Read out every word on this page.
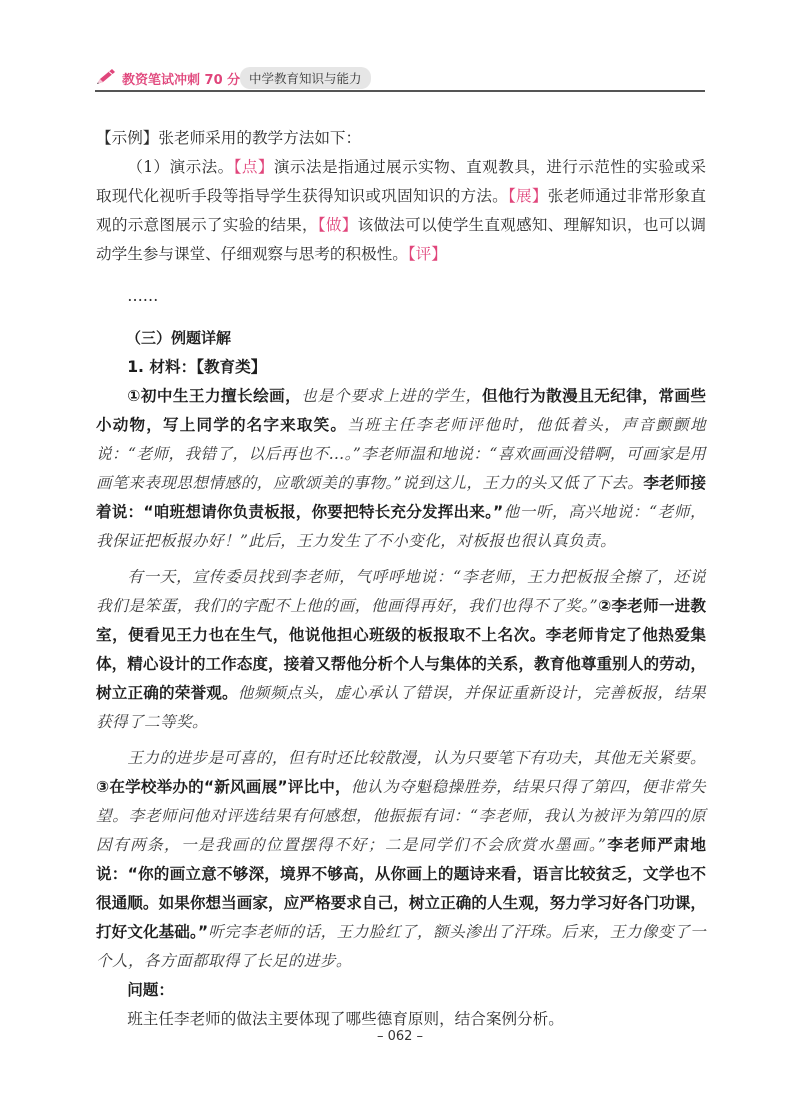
教资笔试冲刺 70 分 中学教育知识与能力

【示例】张老师采用的教学方法如下：

（1）演示法。【点】演示法是指通过展示实物、直观教具，进行示范性的实验或采取现代化视听手段等指导学生获得知识或巩固知识的方法。【展】张老师通过非常形象直观的示意图展示了实验的结果，【做】该做法可以使学生直观感知、理解知识，也可以调动学生参与课堂、仔细观察与思考的积极性。【评】

……

（三）例题详解

1. 材料：【教育类】

①初中生王力擅长绘画，也是个要求上进的学生，但他行为散漫且无纪律，常画些小动物，写上同学的名字来取笑。当班主任李老师评他时，他低着头，声音颤颤地说：“老师，我错了，以后再也不…。”李老师温和地说：“喜欢画画没错啊，可画家是用画笔来表现思想情感的，应歌颂美的事物。”说到这儿，王力的头又低了下去。李老师接着说：“咱班想请你负责板报，你要把特长充分发挥出来。”他一听，高兴地说：“老师，我保证把板报办好！”此后，王力发生了不小变化，对板报也很认真负责。

有一天，宣传委员找到李老师，气呼呼地说：“李老师，王力把板报全擦了，还说我们是笨蛋，我们的字配不上他的画，他画得再好，我们也得不了奖。”②李老师一进教室，便看见王力也在生气，他说他担心班级的板报取不上名次。李老师肯定了他热爱集体，精心设计的工作态度，接着又帮他分析个人与集体的关系，教育他尊重别人的劳动，树立正确的荣誉观。他频频点头，虚心承认了错误，并保证重新设计，完善板报，结果获得了二等奖。

王力的进步是可喜的，但有时还比较散漫，认为只要笔下有功夫，其他无关紧要。③在学校举办的“新风画展”评比中，他认为夺魁稳操胜券，结果只得了第四，便非常失望。李老师问他对评选结果有何感想，他振振有词：“李老师，我认为被评为第四的原因有两条，一是我画的位置摆得不好；二是同学们不会欣赏水墨画。”李老师严肃地说：“你的画立意不够深，境界不够高，从你画上的题诗来看，语言比较贫乏，文学也不很通顺。如果你想当画家，应严格要求自己，树立正确的人生观，努力学习好各门功课，打好文化基础。”听完李老师的话，王力脸红了，额头渗出了汗珠。后来，王力像变了一个人，各方面都取得了长足的进步。

问题：

班主任李老师的做法主要体现了哪些德育原则，结合案例分析。

– 062 –
